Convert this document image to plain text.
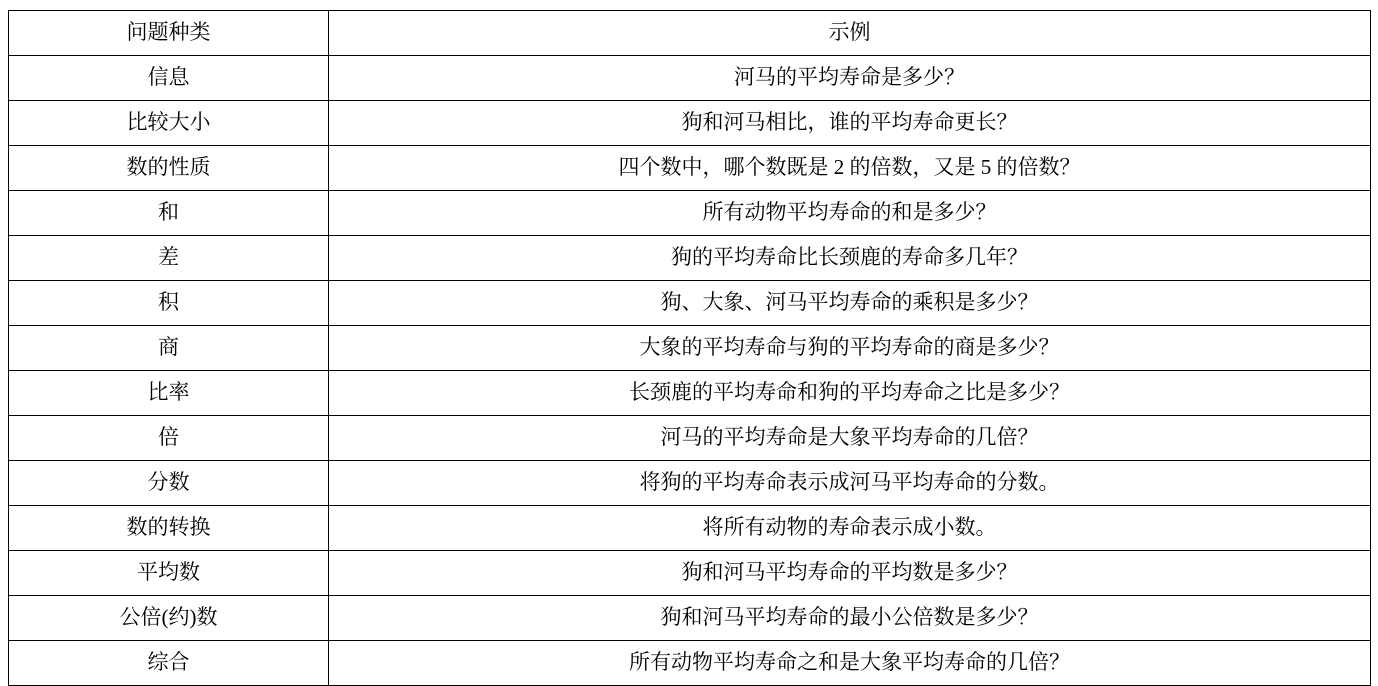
问题种类	示例
信息	河马的平均寿命是多少？
比较大小	狗和河马相比，谁的平均寿命更长？
数的性质	四个数中，哪个数既是 2 的倍数，又是 5 的倍数？
和	所有动物平均寿命的和是多少？
差	狗的平均寿命比长颈鹿的寿命多几年？
积	狗、大象、河马平均寿命的乘积是多少？
商	大象的平均寿命与狗的平均寿命的商是多少？
比率	长颈鹿的平均寿命和狗的平均寿命之比是多少？
倍	河马的平均寿命是大象平均寿命的几倍？
分数	将狗的平均寿命表示成河马平均寿命的分数。
数的转换	将所有动物的寿命表示成小数。
平均数	狗和河马平均寿命的平均数是多少？
公倍(约)数	狗和河马平均寿命的最小公倍数是多少？
综合	所有动物平均寿命之和是大象平均寿命的几倍？
